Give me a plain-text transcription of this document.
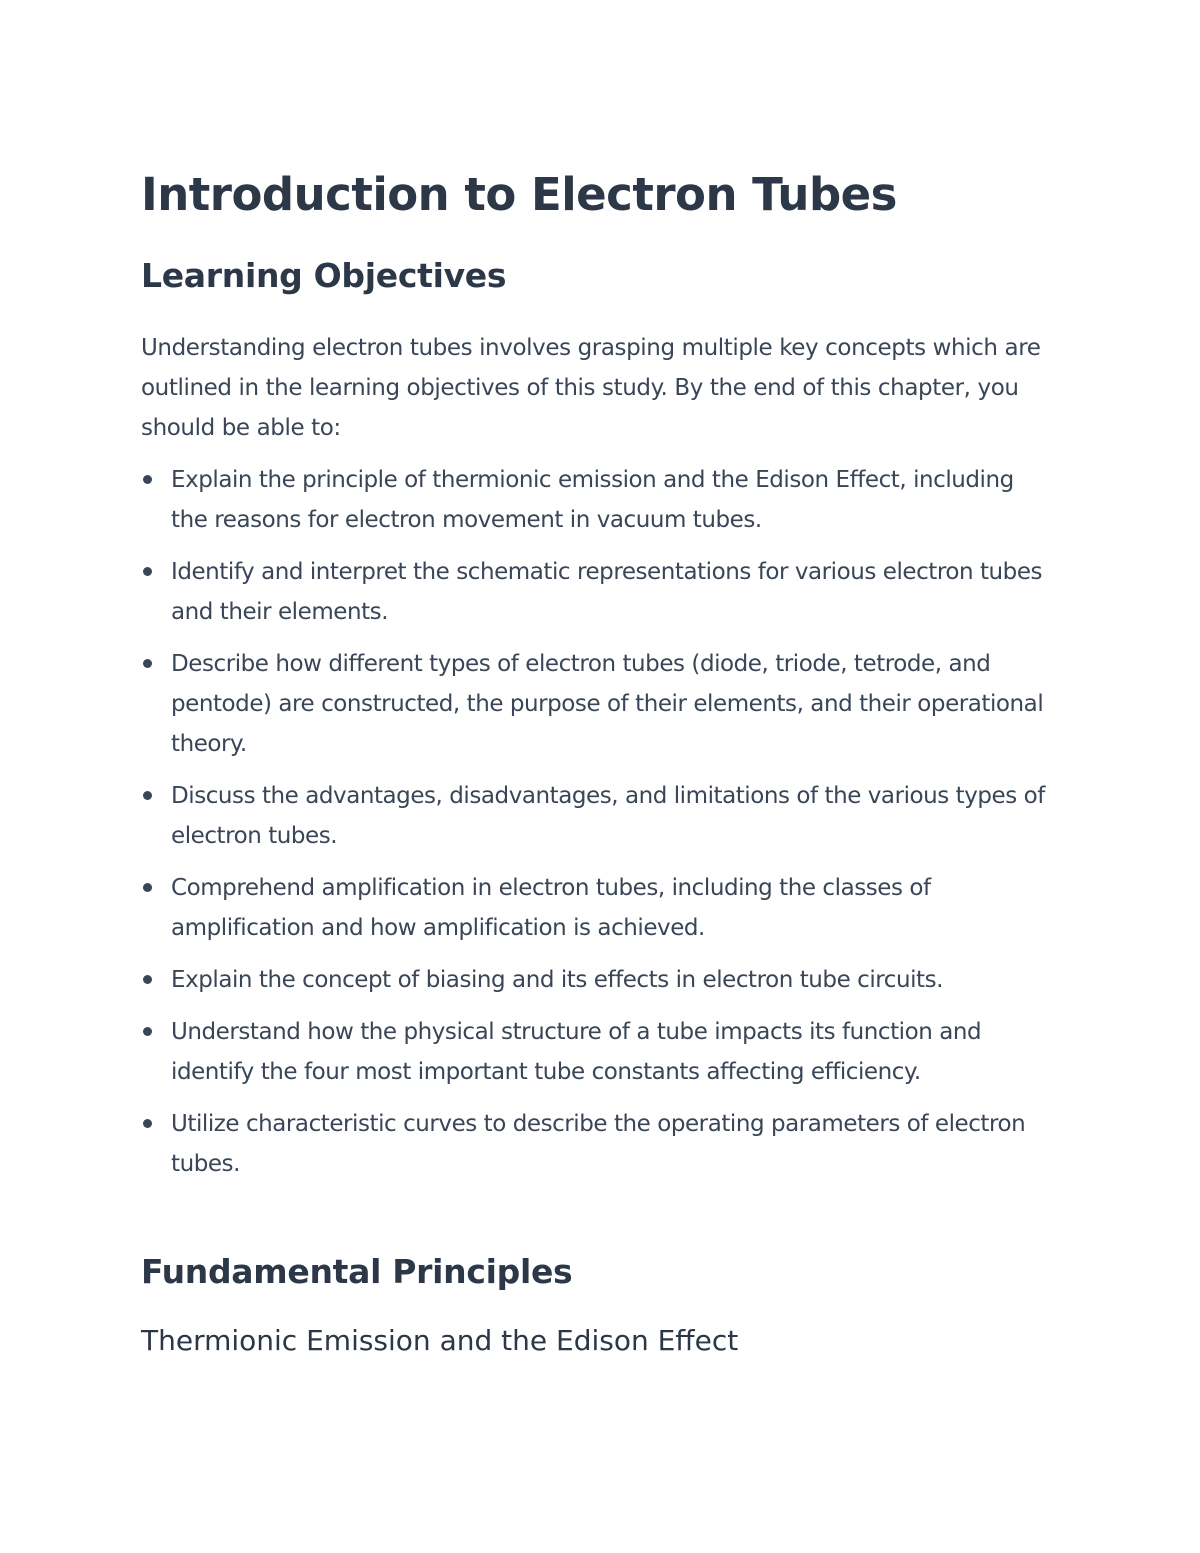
Introduction to Electron Tubes
Learning Objectives

Understanding electron tubes involves grasping multiple key concepts which are outlined in the learning objectives of this study. By the end of this chapter, you should be able to:

Explain the principle of thermionic emission and the Edison Effect, including the reasons for electron movement in vacuum tubes.
Identify and interpret the schematic representations for various electron tubes and their elements.
Describe how different types of electron tubes (diode, triode, tetrode, and pentode) are constructed, the purpose of their elements, and their operational theory.
Discuss the advantages, disadvantages, and limitations of the various types of electron tubes.
Comprehend amplification in electron tubes, including the classes of amplification and how amplification is achieved.
Explain the concept of biasing and its effects in electron tube circuits.
Understand how the physical structure of a tube impacts its function and identify the four most important tube constants affecting efficiency.
Utilize characteristic curves to describe the operating parameters of electron tubes.
Fundamental Principles
Thermionic Emission and the Edison Effect
